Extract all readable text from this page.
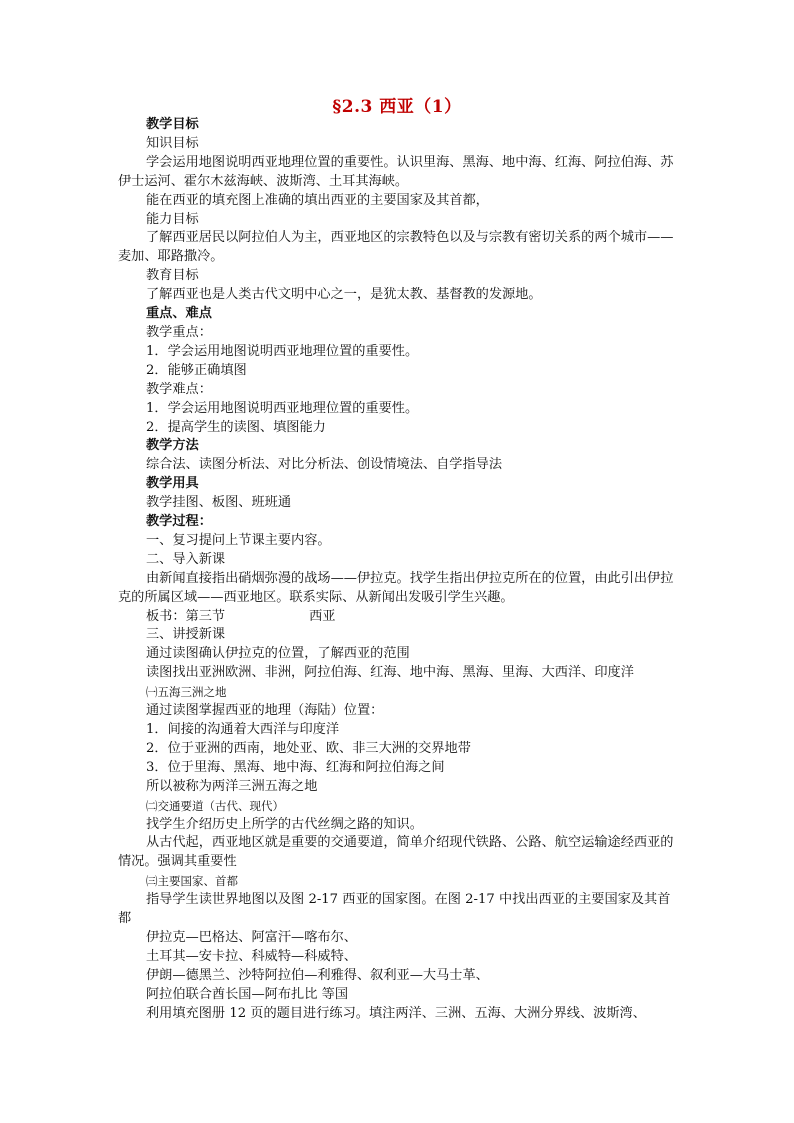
§2.3 西亚（1）

教学目标

知识目标

学会运用地图说明西亚地理位置的重要性。认识里海、黑海、地中海、红海、阿拉伯海、苏伊士运河、霍尔木兹海峡、波斯湾、土耳其海峡。

能在西亚的填充图上准确的填出西亚的主要国家及其首都，

能力目标

了解西亚居民以阿拉伯人为主，西亚地区的宗教特色以及与宗教有密切关系的两个城市——麦加、耶路撒冷。

教育目标

了解西亚也是人类古代文明中心之一，是犹太教、基督教的发源地。

重点、难点

教学重点：

1．学会运用地图说明西亚地理位置的重要性。

2．能够正确填图

教学难点：

1．学会运用地图说明西亚地理位置的重要性。

2．提高学生的读图、填图能力

教学方法

综合法、读图分析法、对比分析法、创设情境法、自学指导法

教学用具

教学挂图、板图、班班通

教学过程：

一、复习提问上节课主要内容。

二、导入新课

由新闻直接指出硝烟弥漫的战场——伊拉克。找学生指出伊拉克所在的位置，由此引出伊拉克的所属区域——西亚地区。联系实际、从新闻出发吸引学生兴趣。

板书：第三节	西亚

三、讲授新课

通过读图确认伊拉克的位置，了解西亚的范围

读图找出亚洲欧洲、非洲，阿拉伯海、红海、地中海、黑海、里海、大西洋、印度洋

㈠五海三洲之地

通过读图掌握西亚的地理（海陆）位置：

1．间接的沟通着大西洋与印度洋

2．位于亚洲的西南，地处亚、欧、非三大洲的交界地带

3．位于里海、黑海、地中海、红海和阿拉伯海之间

所以被称为两洋三洲五海之地

㈡交通要道（古代、现代）

找学生介绍历史上所学的古代丝绸之路的知识。

从古代起，西亚地区就是重要的交通要道，简单介绍现代铁路、公路、航空运输途经西亚的情况。强调其重要性

㈢主要国家、首都

指导学生读世界地图以及图 2-17 西亚的国家图。在图 2-17 中找出西亚的主要国家及其首都

伊拉克—巴格达、阿富汗—喀布尔、

土耳其—安卡拉、科威特—科威特、

伊朗—德黑兰、沙特阿拉伯—利雅得、叙利亚—大马士革、

阿拉伯联合酋长国—阿布扎比 等国

利用填充图册 12 页的题目进行练习。填注两洋、三洲、五海、大洲分界线、波斯湾、
